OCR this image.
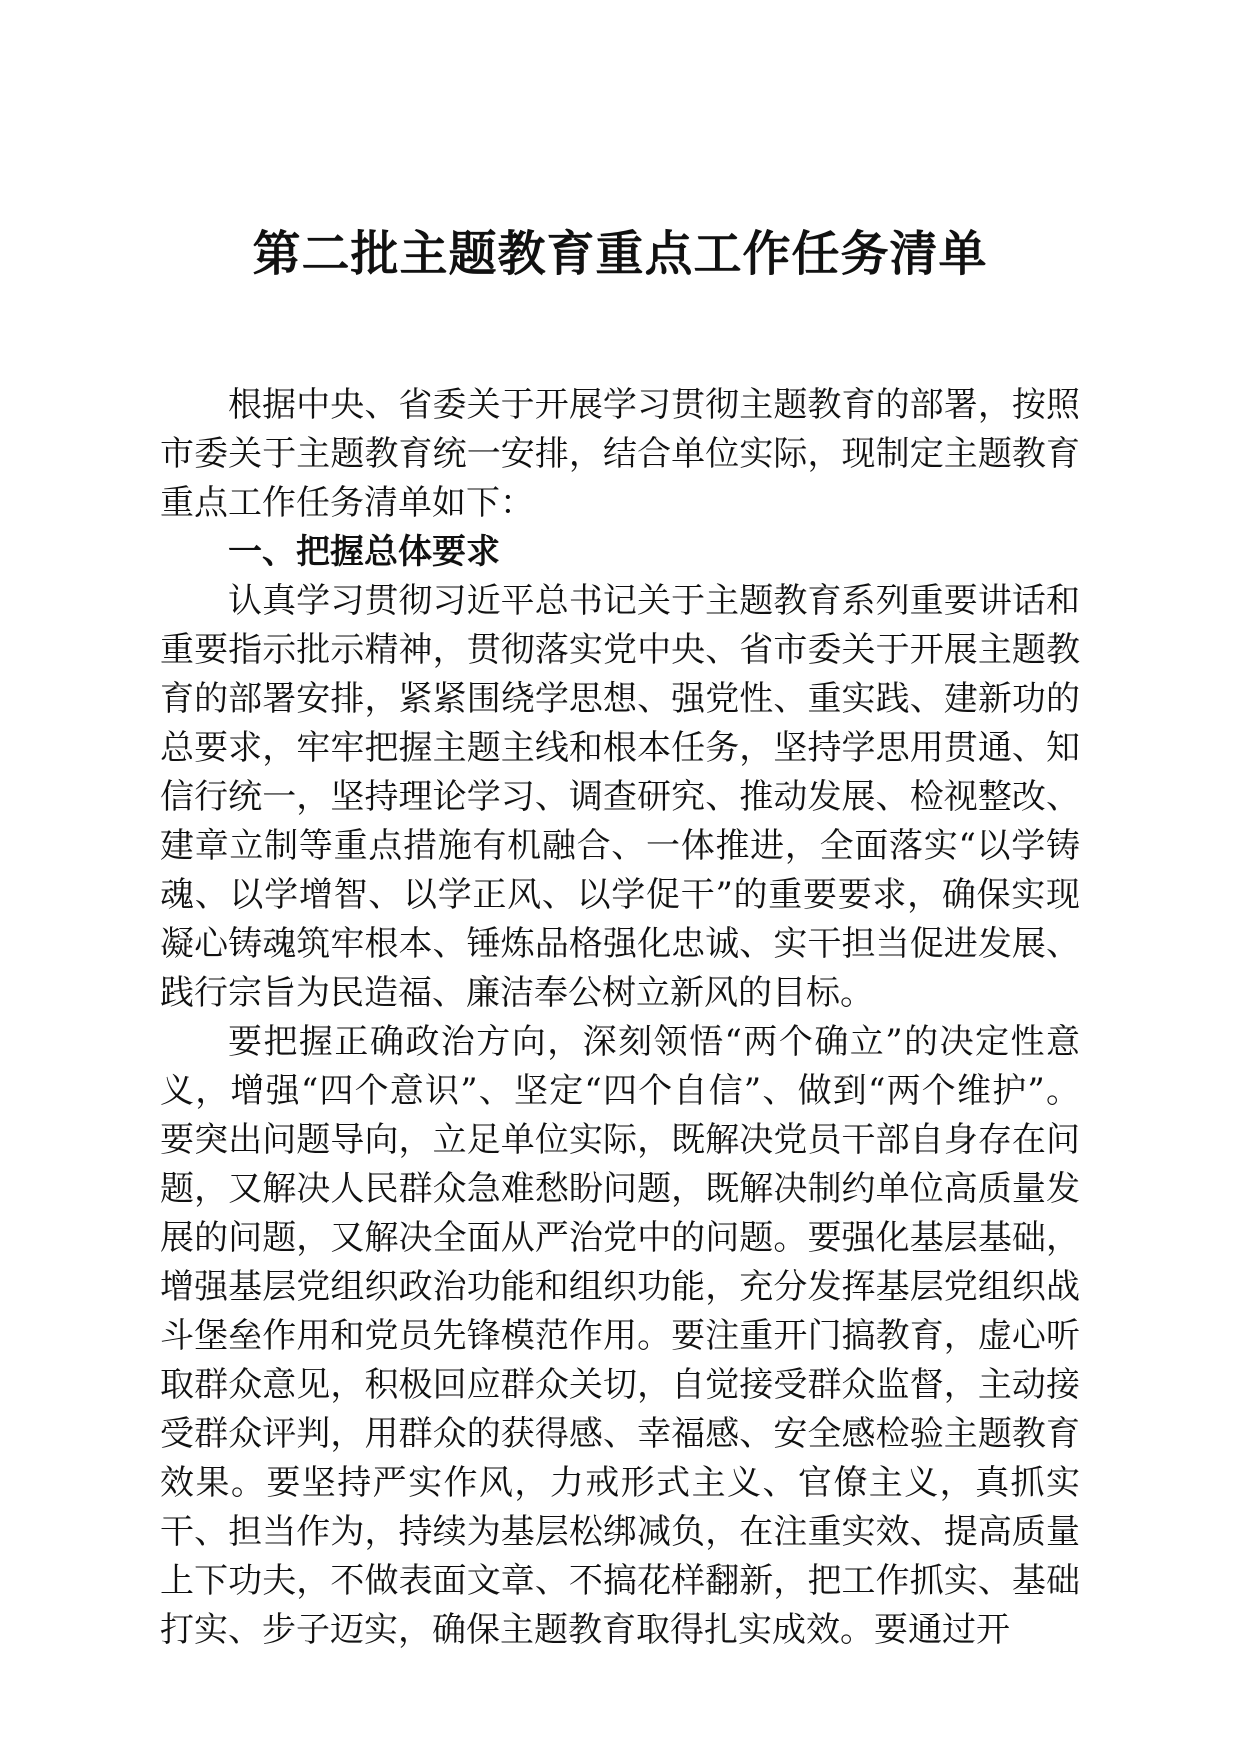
第二批主题教育重点工作任务清单

根据中央、省委关于开展学习贯彻主题教育的部署，按照市委关于主题教育统一安排，结合单位实际，现制定主题教育重点工作任务清单如下：

一、把握总体要求

认真学习贯彻习近平总书记关于主题教育系列重要讲话和重要指示批示精神，贯彻落实党中央、省市委关于开展主题教育的部署安排，紧紧围绕学思想、强党性、重实践、建新功的总要求，牢牢把握主题主线和根本任务，坚持学思用贯通、知信行统一，坚持理论学习、调查研究、推动发展、检视整改、建章立制等重点措施有机融合、一体推进，全面落实“以学铸魂、以学增智、以学正风、以学促干”的重要要求，确保实现凝心铸魂筑牢根本、锤炼品格强化忠诚、实干担当促进发展、践行宗旨为民造福、廉洁奉公树立新风的目标。

要把握正确政治方向，深刻领悟“两个确立”的决定性意义，增强“四个意识”、坚定“四个自信”、做到“两个维护”。要突出问题导向，立足单位实际，既解决党员干部自身存在问题，又解决人民群众急难愁盼问题，既解决制约单位高质量发展的问题，又解决全面从严治党中的问题。要强化基层基础，增强基层党组织政治功能和组织功能，充分发挥基层党组织战斗堡垒作用和党员先锋模范作用。要注重开门搞教育，虚心听取群众意见，积极回应群众关切，自觉接受群众监督，主动接受群众评判，用群众的获得感、幸福感、安全感检验主题教育效果。要坚持严实作风，力戒形式主义、官僚主义，真抓实干、担当作为，持续为基层松绑减负，在注重实效、提高质量上下功夫，不做表面文章、不搞花样翻新，把工作抓实、基础打实、步子迈实，确保主题教育取得扎实成效。要通过开
